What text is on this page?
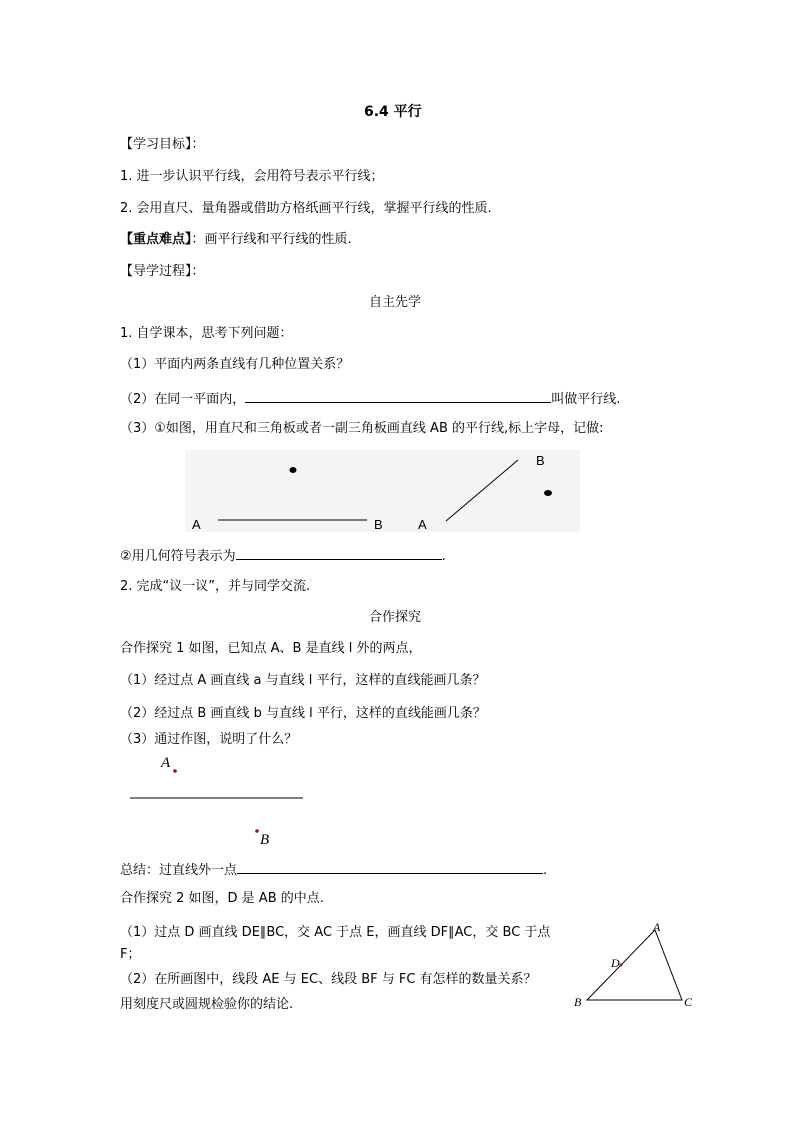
6.4 平行
【学习目标】：
1. 进一步认识平行线，会用符号表示平行线；
2. 会用直尺、量角器或借助方格纸画平行线，掌握平行线的性质.
【重点难点】：画平行线和平行线的性质.
【导学过程】：
自主先学
1. 自学课本，思考下列问题：
（1）平面内两条直线有几种位置关系？
（2）在同一平面内，	叫做平行线.
（3）①如图，用直尺和三角板或者一副三角板画直线 AB 的平行线,标上字母，记做:
A	B	A
B
②用几何符号表示为	.
2. 完成“议一议”，并与同学交流.
合作探究
合作探究 1 如图，已知点 A、B 是直线 l 外的两点，
（1）经过点 A 画直线 a 与直线 l 平行，这样的直线能画几条？
（2）经过点 B 画直线 b 与直线 l 平行，这样的直线能画几条？
（3）通过作图，说明了什么？
A
B
总结：过直线外一点	.
合作探究 2 如图，D 是 AB 的中点.
（1）过点 D 画直线 DE∥BC，交 AC 于点 E，画直线 DF∥AC，交 BC 于点
F；
（2）在所画图中，线段 AE 与 EC、线段 BF 与 FC 有怎样的数量关系？
用刻度尺或圆规检验你的结论.
A
B	C
D
